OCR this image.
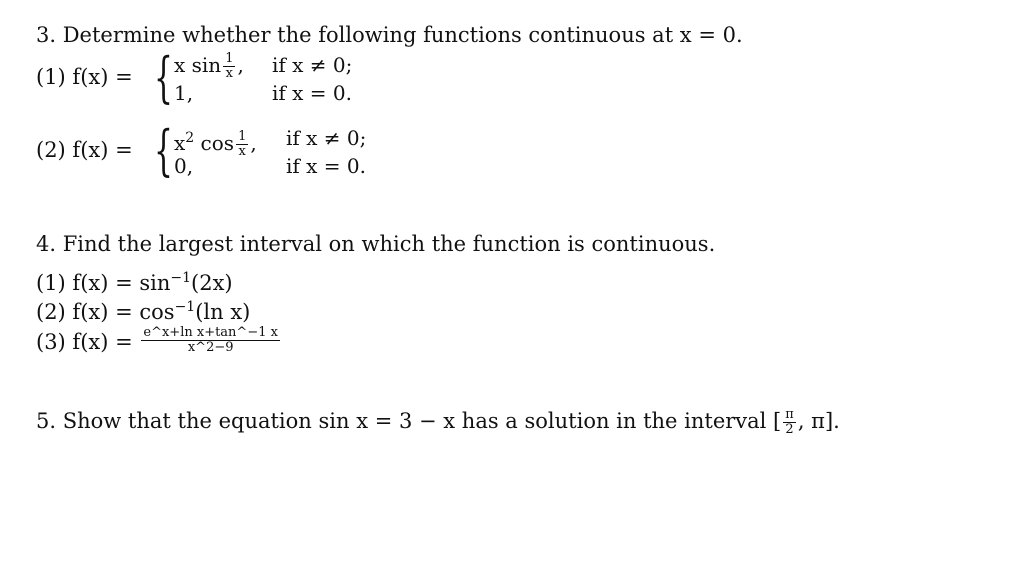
3. Determine whether the following functions continuous at x = 0.
(1) f(x) = { x $\sin \frac{1}{x}$ , if x ≠ 0;
1,	if x = 0.
(2) f(x) = { $x^2$ $\cos \frac{1}{x}$ , if x ≠ 0;
0,	if x = 0.
4. Find the largest interval on which the function is continuous.
(1) $f(x) = \sin^{-1}(2x)$
(2) $f(x) = \cos^{-1}(\ln$ x)
(3) $f(x) = \frac{\text{e\textasciicircum{}x+ln x+tan\textasciicircum{}−1 x}}{x\^{}2-9}$
5. Show that the equation sin x = 3 − x has a solution in the interval [ $\frac{\pi}{2}$ , π].
